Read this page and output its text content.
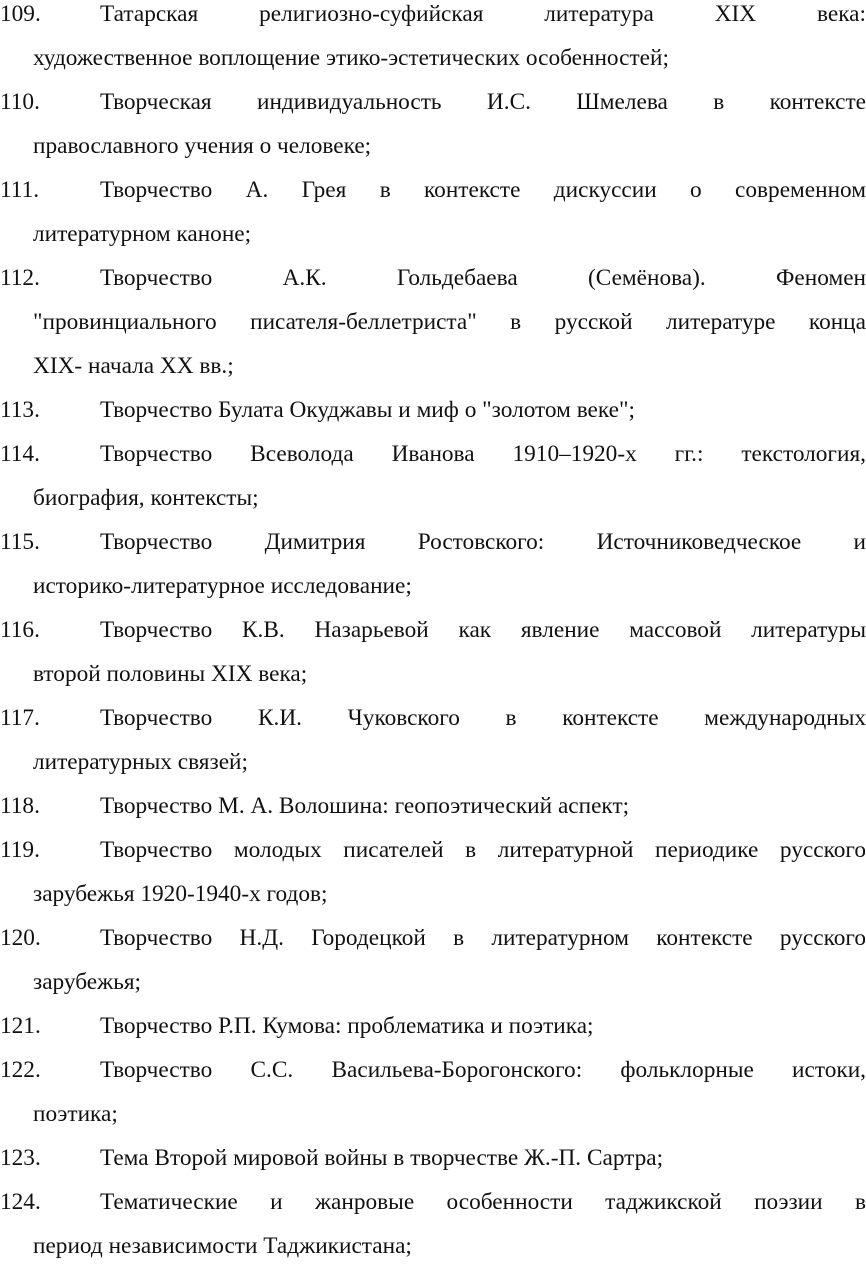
109.	Татарская религиозно-суфийская литература XIX века:
художественное воплощение этико-эстетических особенностей;
110.	Творческая индивидуальность И.С. Шмелева в контексте
православного учения о человеке;
111.	Творчество А. Грея в контексте дискуссии о современном
литературном каноне;
112.	Творчество А.К. Гольдебаева (Семёнова). Феномен
"провинциального писателя-беллетриста" в русской литературе конца
XIX- начала XX вв.;
113.	Творчество Булата Окуджавы и миф о "золотом веке";
114.	Творчество Всеволода Иванова 1910–1920-х гг.: текстология,
биография, контексты;
115.	Творчество Димитрия Ростовского: Источниковедческое и
историко-литературное исследование;
116.	Творчество К.В. Назарьевой как явление массовой литературы
второй половины XIX века;
117.	Творчество К.И. Чуковского в контексте международных
литературных связей;
118.	Творчество М. А. Волошина: геопоэтический аспект;
119.	Творчество молодых писателей в литературной периодике русского
зарубежья 1920-1940-х годов;
120.	Творчество Н.Д. Городецкой в литературном контексте русского
зарубежья;
121.	Творчество Р.П. Кумова: проблематика и поэтика;
122.	Творчество С.С. Васильева-Борогонского: фольклорные истоки,
поэтика;
123.	Тема Второй мировой войны в творчестве Ж.-П. Сартра;
124.	Тематические и жанровые особенности таджикской поэзии в
период независимости Таджикистана;
